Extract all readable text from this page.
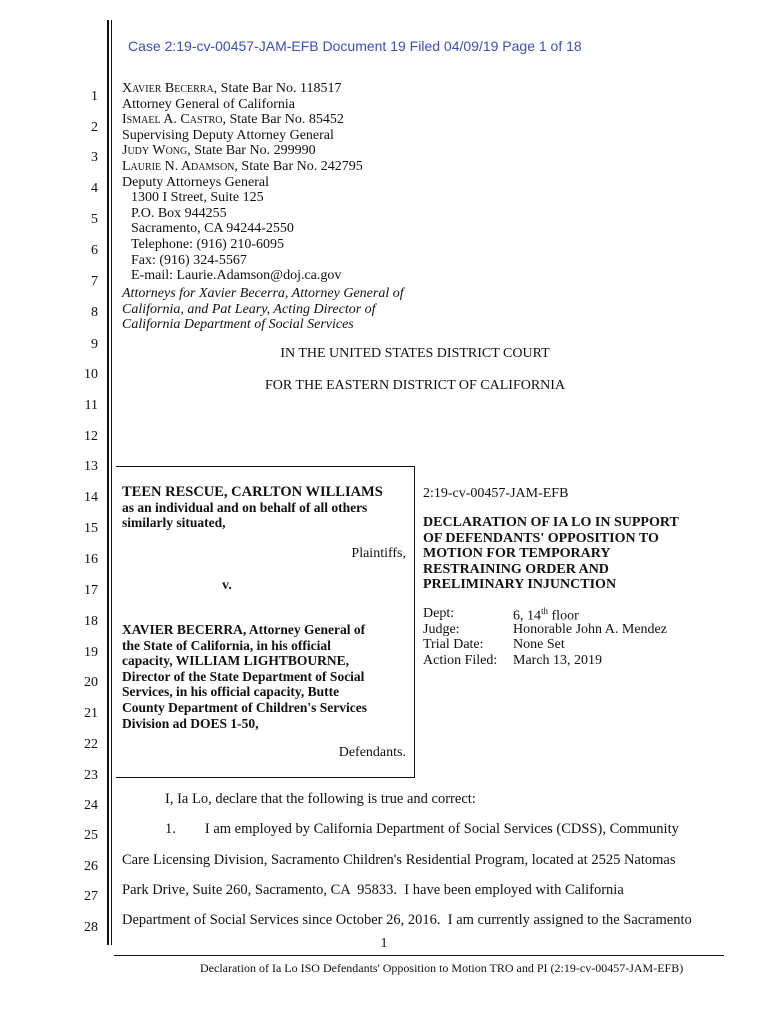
Case 2:19-cv-00457-JAM-EFB Document 19 Filed 04/09/19 Page 1 of 18
1
2
3
4
5
6
7
8
9
10
11
12
13
14
15
16
17
18
19
20
21
22
23
24
25
26
27
28
Xavier Becerra, State Bar No. 118517
Attorney General of California
Ismael A. Castro, State Bar No. 85452
Supervising Deputy Attorney General
Judy Wong, State Bar No. 299990
Laurie N. Adamson, State Bar No. 242795
Deputy Attorneys General
1300 I Street, Suite 125
P.O. Box 944255
Sacramento, CA 94244-2550
Telephone: (916) 210-6095
Fax: (916) 324-5567
E-mail: Laurie.Adamson@doj.ca.gov
Attorneys for Xavier Becerra, Attorney General of
California, and Pat Leary, Acting Director of
California Department of Social Services
IN THE UNITED STATES DISTRICT COURT
FOR THE EASTERN DISTRICT OF CALIFORNIA
TEEN RESCUE, CARLTON WILLIAMS
as an individual and on behalf of all others
similarly situated,
Plaintiffs,
v.
XAVIER BECERRA, Attorney General of
the State of California, in his official
capacity, WILLIAM LIGHTBOURNE,
Director of the State Department of Social
Services, in his official capacity, Butte
County Department of Children's Services
Division ad DOES 1-50,
Defendants.
2:19-cv-00457-JAM-EFB
DECLARATION OF IA LO IN SUPPORT
OF DEFENDANTS' OPPOSITION TO
MOTION FOR TEMPORARY
RESTRAINING ORDER AND
PRELIMINARY INJUNCTION
Dept:	6, 14th floor
Judge:	Honorable John A. Mendez
Trial Date: None Set
Action Filed: March 13, 2019
I, Ia Lo, declare that the following is true and correct:
1.        I am employed by California Department of Social Services (CDSS), Community
Care Licensing Division, Sacramento Children's Residential Program, located at 2525 Natomas
Park Drive, Suite 260, Sacramento, CA  95833.  I have been employed with California
Department of Social Services since October 26, 2016.  I am currently assigned to the Sacramento
1
Declaration of Ia Lo ISO Defendants' Opposition to Motion TRO and PI (2:19-cv-00457-JAM-EFB)
